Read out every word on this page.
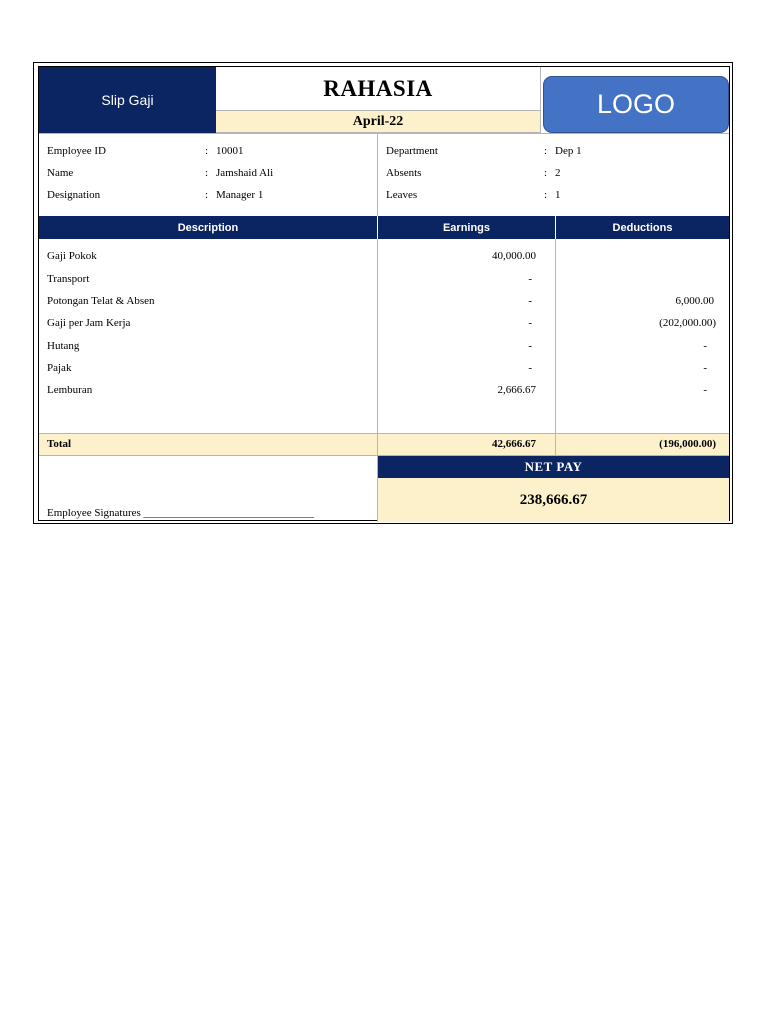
Slip Gaji	RAHASIA
April-22
LOGO
Employee ID	: 10001
Name	: Jamshaid Ali
Designation	: Manager 1
Department	: Dep 1
Absents	: 2
Leaves	: 1
Description	Earnings	Deductions
Gaji Pokok	40,000.00
Transport	-
Potongan Telat & Absen	-	6,000.00
Gaji per Jam Kerja	-	(202,000.00)
Hutang	-	-
Pajak	-	-
Lemburan	2,666.67	-
Total	42,666.67	(196,000.00)
Employee Signatures _______________________________
NET PAY
238,666.67
